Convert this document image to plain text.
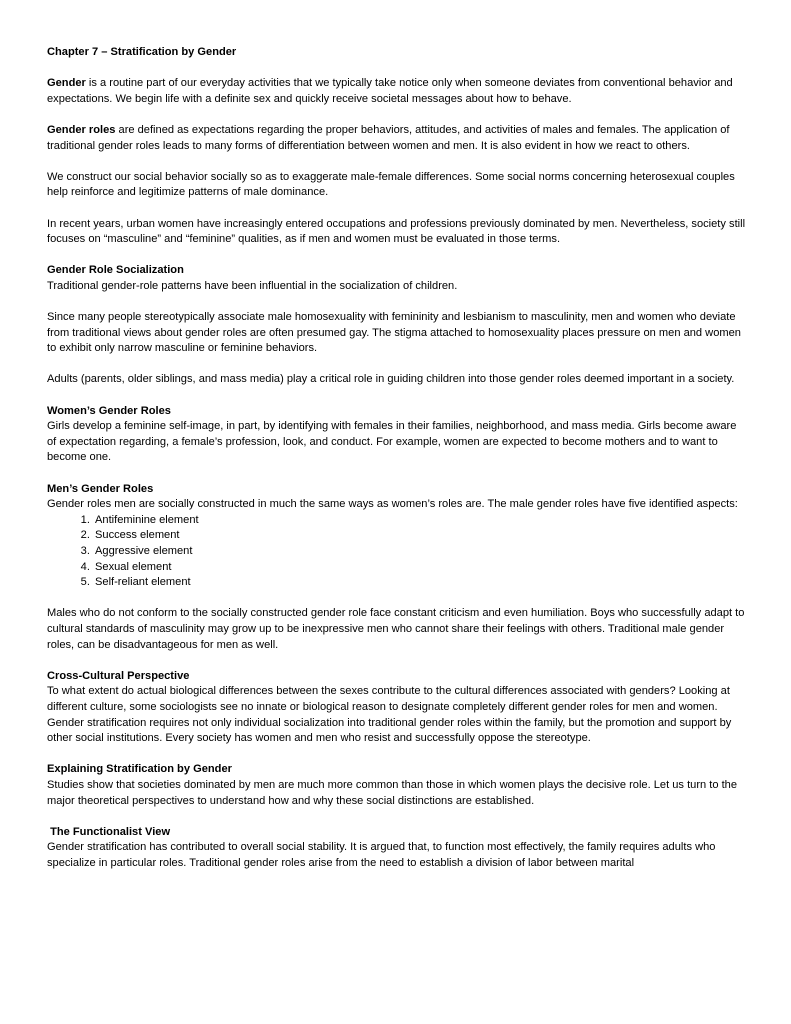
Chapter 7 – Stratification by Gender

Gender is a routine part of our everyday activities that we typically take notice only when someone deviates from conventional behavior and expectations. We begin life with a definite sex and quickly receive societal messages about how to behave.

Gender roles are defined as expectations regarding the proper behaviors, attitudes, and activities of males and females. The application of traditional gender roles leads to many forms of differentiation between women and men. It is also evident in how we react to others.

We construct our social behavior socially so as to exaggerate male-female differences. Some social norms concerning heterosexual couples help reinforce and legitimize patterns of male dominance.

In recent years, urban women have increasingly entered occupations and professions previously dominated by men. Nevertheless, society still focuses on “masculine” and “feminine” qualities, as if men and women must be evaluated in those terms.

Gender Role Socialization

Traditional gender-role patterns have been influential in the socialization of children.

Since many people stereotypically associate male homosexuality with femininity and lesbianism to masculinity, men and women who deviate from traditional views about gender roles are often presumed gay. The stigma attached to homosexuality places pressure on men and women to exhibit only narrow masculine or feminine behaviors.

Adults (parents, older siblings, and mass media) play a critical role in guiding children into those gender roles deemed important in a society.

Women’s Gender Roles

Girls develop a feminine self-image, in part, by identifying with females in their families, neighborhood, and mass media. Girls become aware of expectation regarding, a female’s profession, look, and conduct. For example, women are expected to become mothers and to want to become one.

Men’s Gender Roles

Gender roles men are socially constructed in much the same ways as women’s roles are. The male gender roles have five identified aspects:

1. Antifeminine element
2. Success element
3. Aggressive element
4. Sexual element
5. Self-reliant element

Males who do not conform to the socially constructed gender role face constant criticism and even humiliation. Boys who successfully adapt to cultural standards of masculinity may grow up to be inexpressive men who cannot share their feelings with others. Traditional male gender roles, can be disadvantageous for men as well.

Cross-Cultural Perspective

To what extent do actual biological differences between the sexes contribute to the cultural differences associated with genders? Looking at different culture, some sociologists see no innate or biological reason to designate completely different gender roles for men and women. Gender stratification requires not only individual socialization into traditional gender roles within the family, but the promotion and support by other social institutions. Every society has women and men who resist and successfully oppose the stereotype.

Explaining Stratification by Gender

Studies show that societies dominated by men are much more common than those in which women plays the decisive role. Let us turn to the major theoretical perspectives to understand how and why these social distinctions are established.

The Functionalist View

Gender stratification has contributed to overall social stability. It is argued that, to function most effectively, the family requires adults who specialize in particular roles. Traditional gender roles arise from the need to establish a division of labor between marital
